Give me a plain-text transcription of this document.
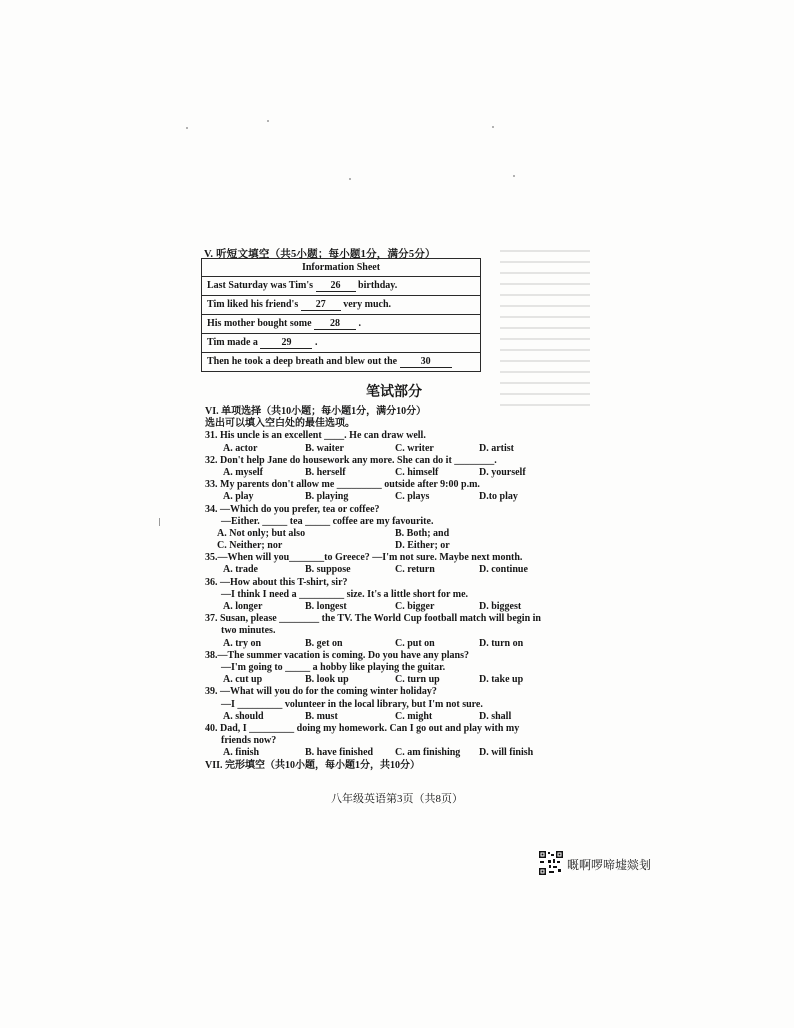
V. 听短文填空（共5小题；每小题1分，满分5分）
Information Sheet
Last Saturday was Tim's 26 birthday.
Tim liked his friend's 27 very much.
His mother bought some 28 .
Tim made a 29 .
Then he took a deep breath and blew out the 30
笔试部分
VI. 单项选择（共10小题；每小题1分，满分10分）
选出可以填入空白处的最佳选项。
31. His uncle is an excellent ____. He can draw well.
A. actor	B. waiter	C. writer	D. artist
32. Don't help Jane do housework any more. She can do it ________.
A. myself	B. herself	C. himself	D. yourself
33. My parents don't allow me _________ outside after 9:00 p.m.
A. play	B. playing	C. plays	D.to play
34. —Which do you prefer, tea or coffee?
—Either. _____ tea _____ coffee are my favourite.
A. Not only; but also	B. Both; and
C. Neither; nor	D. Either; or
35.—When will you_______to Greece? —I'm not sure. Maybe next month.
A. trade	B. suppose	C. return	D. continue
36. —How about this T-shirt, sir?
—I think I need a _________ size. It's a little short for me.
A. longer	B. longest	C. bigger	D. biggest
37. Susan, please ________ the TV. The World Cup football match will begin in
two minutes.
A. try on	B. get on	C. put on	D. turn on
38.—The summer vacation is coming. Do you have any plans?
—I'm going to _____ a hobby like playing the guitar.
A. cut up	B. look up	C. turn up	D. take up
39. —What will you do for the coming winter holiday?
—I _________ volunteer in the local library, but I'm not sure.
A. should	B. must	C. might	D. shall
40. Dad, I _________ doing my homework. Can I go out and play with my
friends now?
A. finish	B. have finished C. am finishing D. will finish
VII. 完形填空（共10小题，每小题1分，共10分）
八年级英语第3页（共8页）
嘅啊啰啼墟燚刬
